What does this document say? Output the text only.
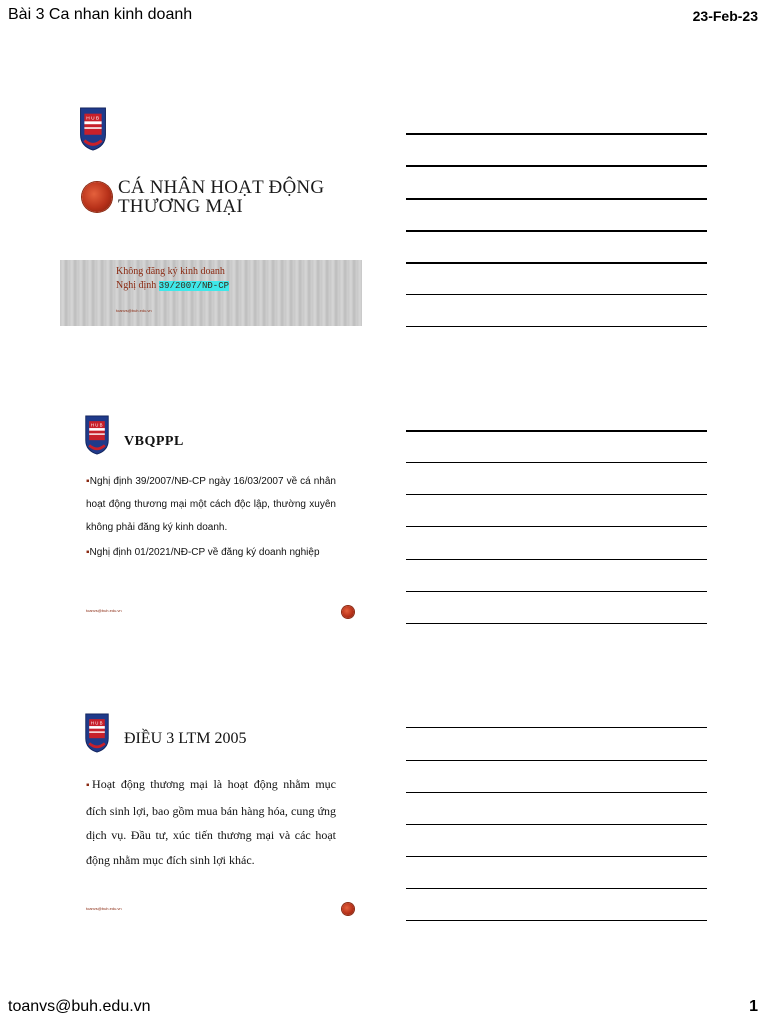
Bài 3 Ca nhan kinh doanh	23-Feb-23
H U B
CÁ NHÂN HOẠT ĐỘNG
THƯƠNG MẠI
Không đăng ký kinh doanh
Nghị định 39/2007/NĐ-CP
toanvs@buh.edu.vn
H U B
VBQPPL

▪Nghị định 39/2007/NĐ-CP ngày 16/03/2007 về cá nhân hoạt động thương mại một cách độc lập, thường xuyên không phải đăng ký kinh doanh.

▪Nghị định 01/2021/NĐ-CP về đăng ký doanh nghiệp

toanvs@buh.edu.vn
H U B
ĐIỀU 3 LTM 2005

▪Hoạt động thương mại là hoạt động nhằm mục đích sinh lợi, bao gồm mua bán hàng hóa, cung ứng dịch vụ. Đầu tư, xúc tiến thương mại và các hoạt động nhằm mục đích sinh lợi khác.

toanvs@buh.edu.vn
toanvs@buh.edu.vn	1
